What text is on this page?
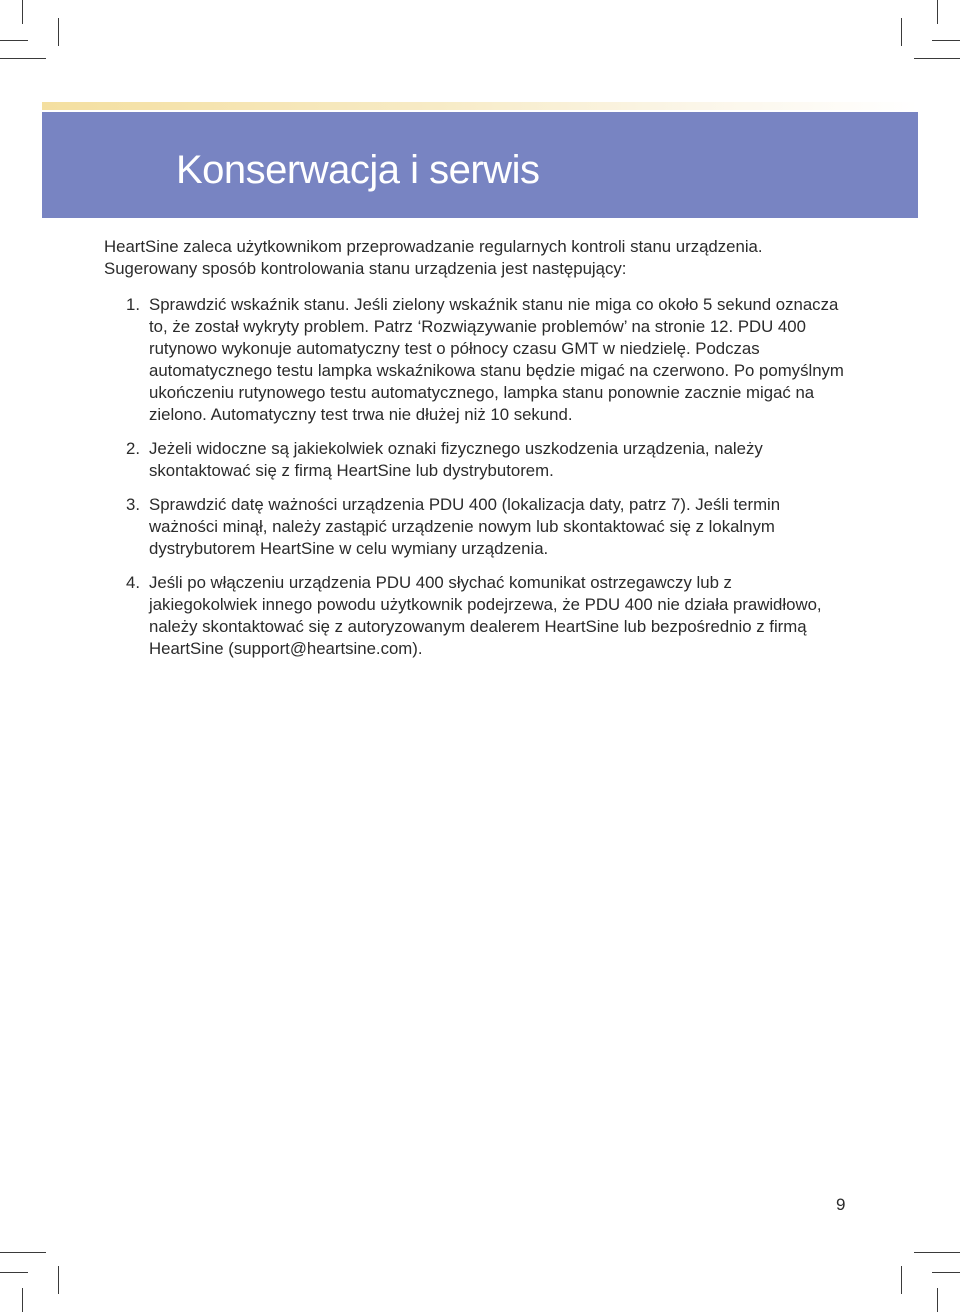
Konserwacja i serwis

HeartSine zaleca użytkownikom przeprowadzanie regularnych kontroli stanu urządzenia.

Sugerowany sposób kontrolowania stanu urządzenia jest następujący:

1. Sprawdzić wskaźnik stanu. Jeśli zielony wskaźnik stanu nie miga co około 5 sekund oznacza to, że został wykryty problem. Patrz ‘Rozwiązywanie problemów’ na stronie 12. PDU 400 rutynowo wykonuje automatyczny test o północy czasu GMT w niedzielę. Podczas automatycznego testu lampka wskaźnikowa stanu będzie migać na czerwono. Po pomyślnym ukończeniu rutynowego testu automatycznego, lampka stanu ponownie zacznie migać na zielono. Automatyczny test trwa nie dłużej niż 10 sekund.
2. Jeżeli widoczne są jakiekolwiek oznaki fizycznego uszkodzenia urządzenia, należy skontaktować się z firmą HeartSine lub dystrybutorem.
3. Sprawdzić datę ważności urządzenia PDU 400 (lokalizacja daty, patrz 7). Jeśli termin ważności minął, należy zastąpić urządzenie nowym lub skontaktować się z lokalnym dystrybutorem HeartSine w celu wymiany urządzenia.
4. Jeśli po włączeniu urządzenia PDU 400 słychać komunikat ostrzegawczy lub z jakiegokolwiek innego powodu użytkownik podejrzewa, że PDU 400 nie działa prawidłowo, należy skontaktować się z autoryzowanym dealerem HeartSine lub bezpośrednio z firmą HeartSine (support@heartsine.com).
9
